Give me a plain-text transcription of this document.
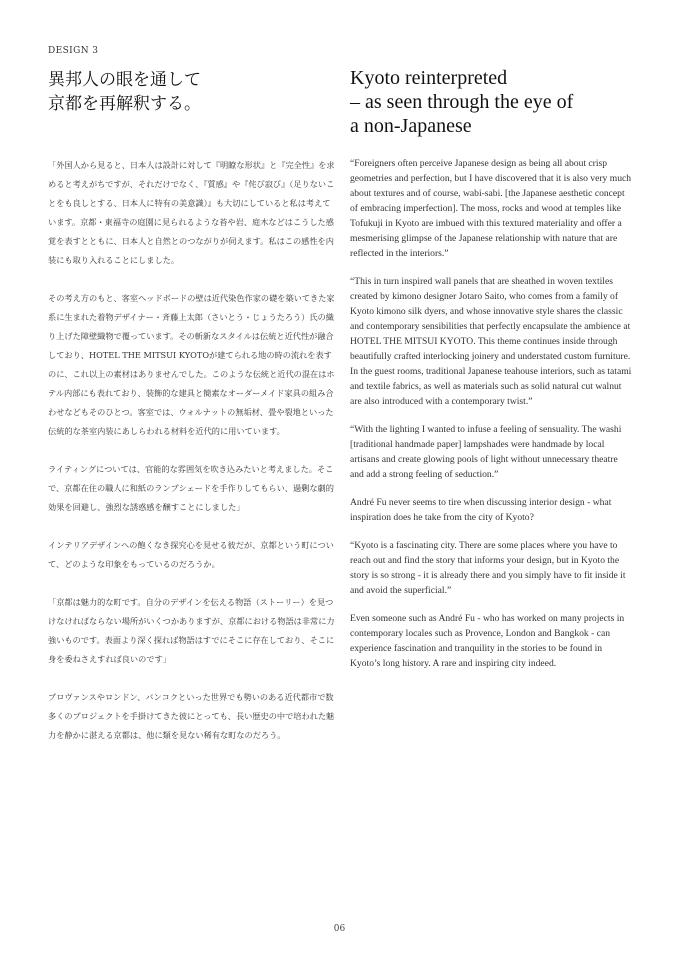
DESIGN 3
異邦人の眼を通して
京都を再解釈する。
Kyoto reinterpreted
– as seen through the eye of
a non-Japanese

「外国人から見ると、日本人は設計に対して『明瞭な形状』と『完全性』を求めると考えがちですが、それだけでなく、『質感』や『侘び寂び』（足りないことをも良しとする、日本人に特有の美意識）』も大切にしていると私は考えています。京都・東福寺の庭園に見られるような苔や岩、庭木などはこうした感覚を表すとともに、日本人と自然とのつながりが伺えます。私はこの感性を内装にも取り入れることにしました。

その考え方のもと、客室ヘッドボードの壁は近代染色作家の礎を築いてきた家系に生まれた着物デザイナー・斉藤上太郎（さいとう・じょうたろう）氏の織り上げた障壁織物で覆っています。その斬新なスタイルは伝統と近代性が融合しており、HOTEL THE MITSUI KYOTOが建てられる地の時の流れを表すのに、これ以上の素材はありませんでした。このような伝統と近代の混在はホテル内部にも表れており、装飾的な建具と簡素なオーダーメイド家具の組み合わせなどもそのひとつ。客室では、ウォルナットの無垢材、畳や裂地といった伝統的な茶室内装にあしらわれる材料を近代的に用いています。

ライティングについては、官能的な雰囲気を吹き込みたいと考えました。そこで、京都在住の職人に和紙のランプシェードを手作りしてもらい、過剰な劇的効果を回避し、強烈な誘惑感を醸すことにしました」

インテリアデザインへの飽くなき探究心を見せる彼だが、京都という町について、どのような印象をもっているのだろうか。

「京都は魅力的な町です。自分のデザインを伝える物語（ストーリー）を見つけなければならない場所がいくつかありますが、京都における物語は非常に力強いものです。表面より深く探れば物語はすでにそこに存在しており、そこに身を委ねさえすれば良いのです」

プロヴァンスやロンドン、バンコクといった世界でも勢いのある近代都市で数多くのプロジェクトを手掛けてきた彼にとっても、長い歴史の中で培われた魅力を静かに湛える京都は、他に類を見ない稀有な町なのだろう。

“Foreigners often perceive Japanese design as being all about crisp geometries and perfection, but I have discovered that it is also very much about textures and of course, wabi-sabi. [the Japanese aesthetic concept of embracing imperfection]. The moss, rocks and wood at temples like Tofukuji in Kyoto are imbued with this textured materiality and offer a mesmerising glimpse of the Japanese relationship with nature that are reflected in the interiors.”

“This in turn inspired wall panels that are sheathed in woven textiles created by kimono designer Jotaro Saito, who comes from a family of Kyoto kimono silk dyers, and whose innovative style shares the classic and contemporary sensibilities that perfectly encapsulate the ambience at HOTEL THE MITSUI KYOTO. This theme continues inside through beautifully crafted interlocking joinery and understated custom furniture. In the guest rooms, traditional Japanese teahouse interiors, such as tatami and textile fabrics, as well as materials such as solid natural cut walnut are also introduced with a contemporary twist.”

“With the lighting I wanted to infuse a feeling of sensuality. The washi [traditional handmade paper] lampshades were handmade by local artisans and create glowing pools of light without unnecessary theatre and add a strong feeling of seduction.”

André Fu never seems to tire when discussing interior design - what inspiration does he take from the city of Kyoto?

“Kyoto is a fascinating city. There are some places where you have to reach out and find the story that informs your design, but in Kyoto the story is so strong - it is already there and you simply have to fit inside it and avoid the superficial.”

Even someone such as André Fu - who has worked on many projects in contemporary locales such as Provence, London and Bangkok - can experience fascination and tranquility in the stories to be found in Kyoto’s long history. A rare and inspiring city indeed.

06
